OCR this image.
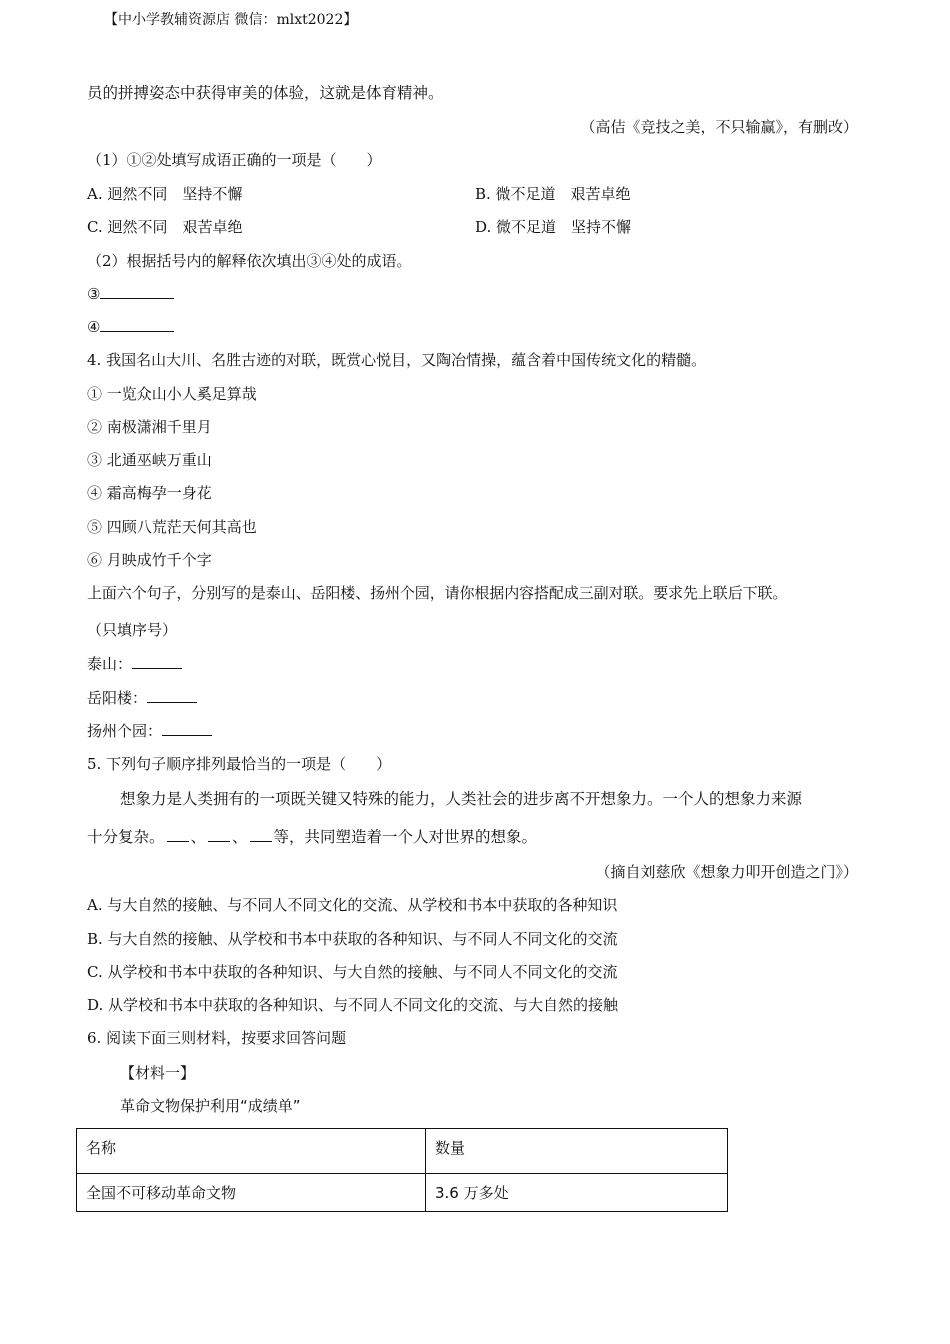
【中小学教辅资源店 微信：mlxt2022】
员的拼搏姿态中获得审美的体验，这就是体育精神。
（高佶《竞技之美，不只输赢》，有删改）
（1）①②处填写成语正确的一项是（　　）
A. 迥然不同　坚持不懈	B. 微不足道　艰苦卓绝
C. 迥然不同　艰苦卓绝	D. 微不足道　坚持不懈
（2）根据括号内的解释依次填出③④处的成语。
③
④
4. 我国名山大川、名胜古迹的对联，既赏心悦目，又陶冶情操，蕴含着中国传统文化的精髓。
① 一览众山小人奚足算哉
② 南极潇湘千里月
③ 北通巫峡万重山
④ 霜高梅孕一身花
⑤ 四顾八荒茫天何其高也
⑥ 月映成竹千个字
上面六个句子，分别写的是泰山、岳阳楼、扬州个园，请你根据内容搭配成三副对联。要求先上联后下联。
（只填序号）
泰山：
岳阳楼：
扬州个园：
5. 下列句子顺序排列最恰当的一项是（　　）
想象力是人类拥有的一项既关键又特殊的能力，人类社会的进步离不开想象力。一个人的想象力来源
十分复杂。 、 、 等，共同塑造着一个人对世界的想象。
（摘自刘慈欣《想象力叩开创造之门》）
A. 与大自然的接触、与不同人不同文化的交流、从学校和书本中获取的各种知识
B. 与大自然的接触、从学校和书本中获取的各种知识、与不同人不同文化的交流
C. 从学校和书本中获取的各种知识、与大自然的接触、与不同人不同文化的交流
D. 从学校和书本中获取的各种知识、与不同人不同文化的交流、与大自然的接触
6. 阅读下面三则材料，按要求回答问题
【材料一】
革命文物保护利用“成绩单”
名称	数量
全国不可移动革命文物	3.6 万多处
